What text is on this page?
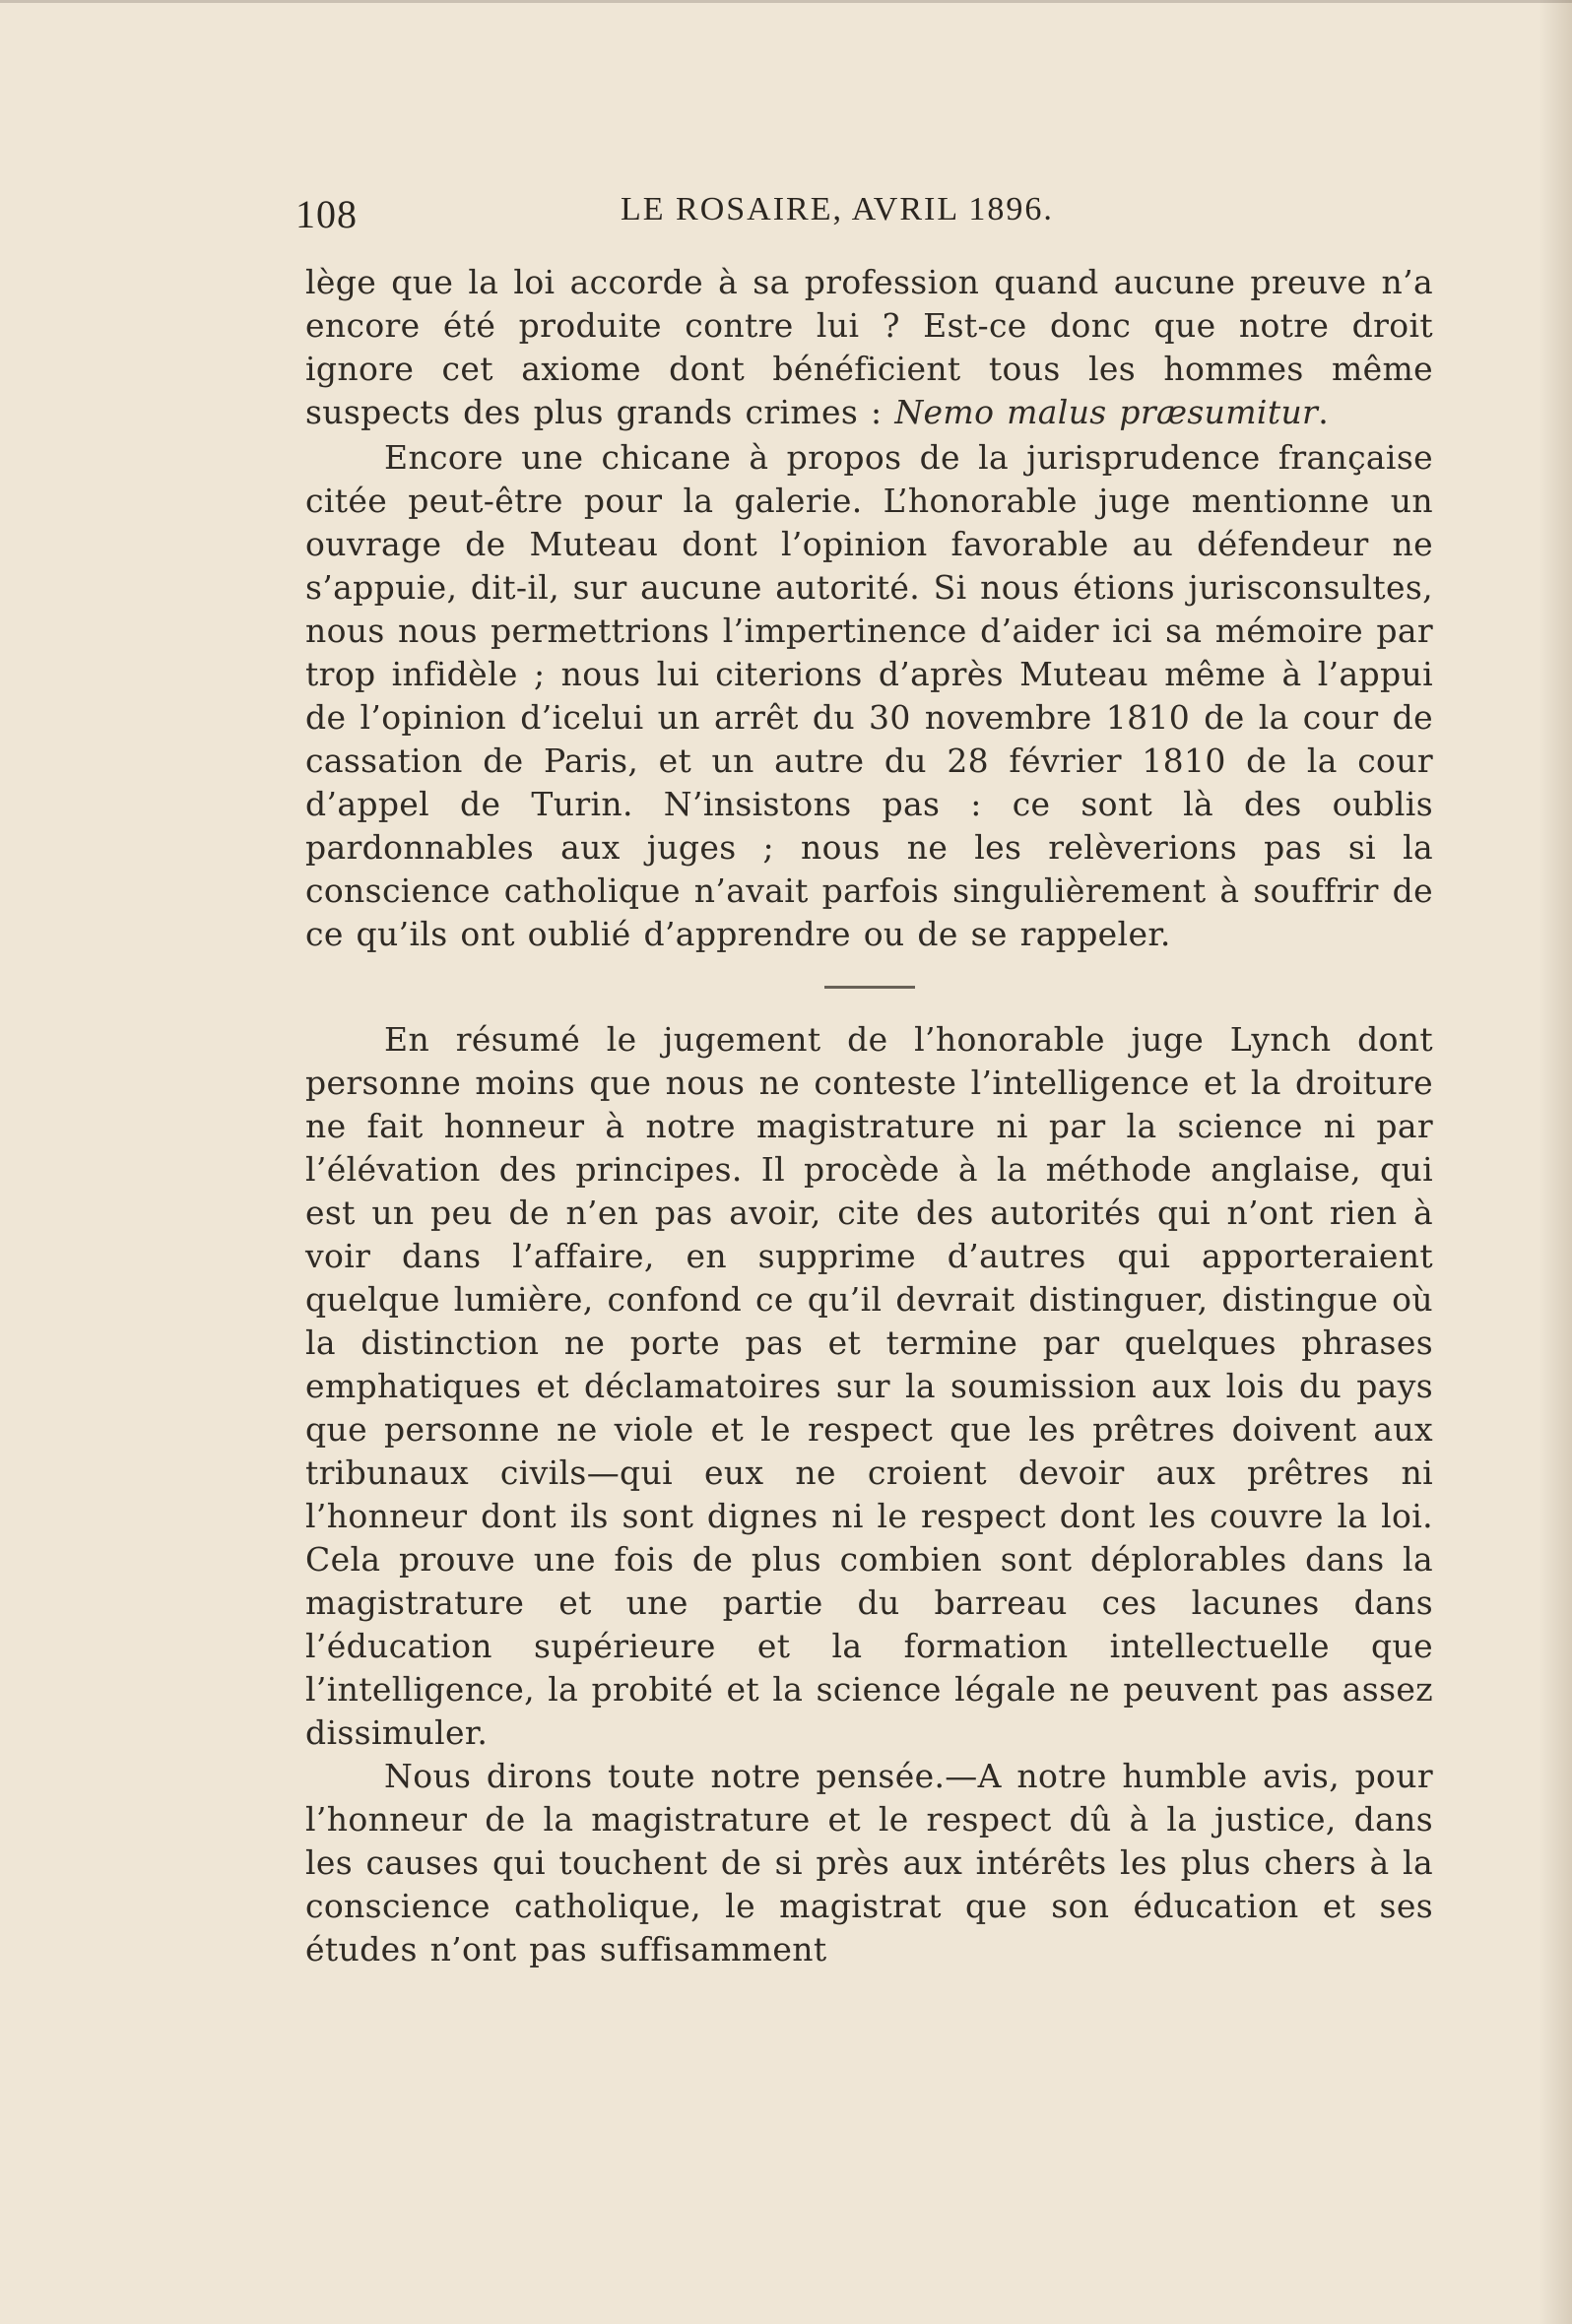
108	LE ROSAIRE, AVRIL 1896.

lège que la loi accorde à sa profession quand aucune preuve n’a encore été produite contre lui ? Est-ce donc que notre droit ignore cet axiome dont bénéficient tous les hommes même suspects des plus grands crimes : Nemo malus præsumitur.

Encore une chicane à propos de la jurisprudence française citée peut-être pour la galerie. L’honorable juge mentionne un ouvrage de Muteau dont l’opinion favorable au défendeur ne s’appuie, dit-il, sur aucune autorité. Si nous étions jurisconsultes, nous nous permettrions l’impertinence d’aider ici sa mémoire par trop infidèle ; nous lui citerions d’après Muteau même à l’appui de l’opinion d’icelui un arrêt du 30 novembre 1810 de la cour de cassation de Paris, et un autre du 28 février 1810 de la cour d’appel de Turin. N’insistons pas : ce sont là des oublis pardonnables aux juges ; nous ne les relèverions pas si la conscience catholique n’avait parfois singulièrement à souffrir de ce qu’ils ont oublié d’apprendre ou de se rappeler.

En résumé le jugement de l’honorable juge Lynch dont personne moins que nous ne conteste l’intelligence et la droiture ne fait honneur à notre magistrature ni par la science ni par l’élévation des principes. Il procède à la méthode anglaise, qui est un peu de n’en pas avoir, cite des autorités qui n’ont rien à voir dans l’affaire, en supprime d’autres qui apporteraient quelque lumière, confond ce qu’il devrait distinguer, distingue où la distinction ne porte pas et termine par quelques phrases emphatiques et déclamatoires sur la soumission aux lois du pays que personne ne viole et le respect que les prêtres doivent aux tribunaux civils—qui eux ne croient devoir aux prêtres ni l’honneur dont ils sont dignes ni le respect dont les couvre la loi. Cela prouve une fois de plus combien sont déplorables dans la magistrature et une partie du barreau ces lacunes dans l’éducation supérieure et la formation intellectuelle que l’intelligence, la probité et la science légale ne peuvent pas assez dissimuler.

Nous dirons toute notre pensée.—A notre humble avis, pour l’honneur de la magistrature et le respect dû à la justice, dans les causes qui touchent de si près aux intérêts les plus chers à la conscience catholique, le magistrat que son éducation et ses études n’ont pas suffisamment
